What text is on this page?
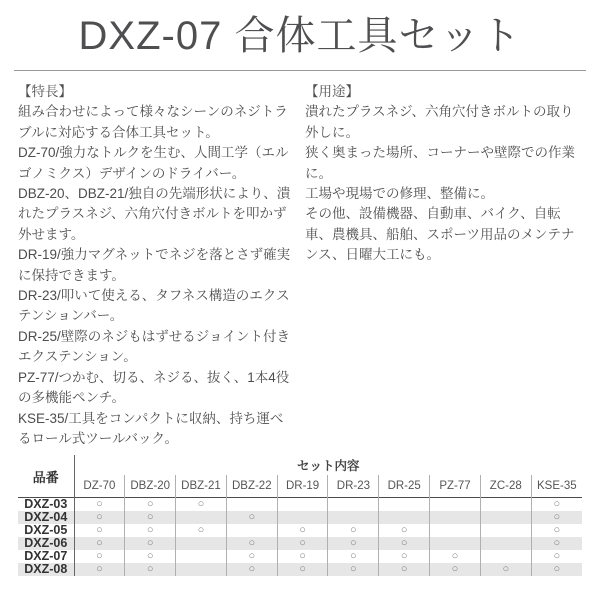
DXZ-07 合体工具セット

【特長】

組み合わせによって様々なシーンのネジトラブルに対応する合体工具セット。

DZ-70/強力なトルクを生む、人間工学（エルゴノミクス）デザインのドライバー。

DBZ-20、DBZ-21/独自の先端形状により、潰れたプラスネジ、六角穴付きボルトを叩かず外せます。

DR-19/強力マグネットでネジを落とさず確実に保持できます。

DR-23/叩いて使える、タフネス構造のエクステンションバー。

DR-25/壁際のネジもはずせるジョイント付きエクステンション。

PZ-77/つかむ、切る、ネジる、抜く、1本4役の多機能ペンチ。

KSE-35/工具をコンパクトに収納、持ち運べるロール式ツールバック。

【用途】

潰れたプラスネジ、六角穴付きボルトの取り外しに。

狭く奥まった場所、コーナーや壁際での作業に。

工場や現場での修理、整備に。

その他、設備機器、自動車、バイク、自転車、農機具、船舶、スポーツ用品のメンテナンス、日曜大工にも。

品番	セット内容									
	DZ-70	DBZ-20	DBZ-21	DBZ-22	DR-19	DR-23	DR-25	PZ-77	ZC-28	KSE-35
DXZ-03	○	○	○							○
DXZ-04	○	○		○						○
DXZ-05	○	○	○		○	○	○			○
DXZ-06	○	○		○	○	○	○			○
DXZ-07	○	○		○	○	○	○	○		○
DXZ-08	○	○		○	○	○	○	○	○	○
